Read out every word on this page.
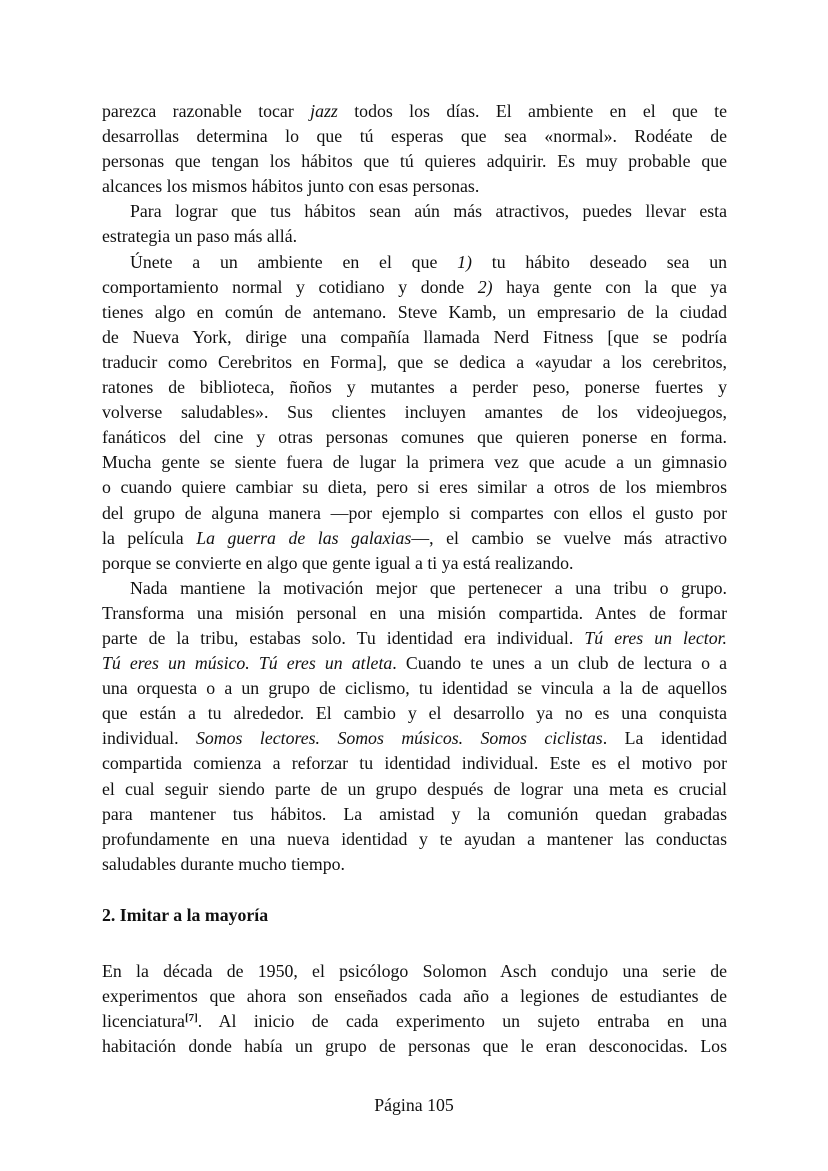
parezca razonable tocar jazz todos los días. El ambiente en el que te
desarrollas determina lo que tú esperas que sea «normal». Rodéate de
personas que tengan los hábitos que tú quieres adquirir. Es muy probable que
alcances los mismos hábitos junto con esas personas.
Para lograr que tus hábitos sean aún más atractivos, puedes llevar esta
estrategia un paso más allá.
Únete a un ambiente en el que 1) tu hábito deseado sea un
comportamiento normal y cotidiano y donde 2) haya gente con la que ya
tienes algo en común de antemano. Steve Kamb, un empresario de la ciudad
de Nueva York, dirige una compañía llamada Nerd Fitness [que se podría
traducir como Cerebritos en Forma], que se dedica a «ayudar a los cerebritos,
ratones de biblioteca, ñoños y mutantes a perder peso, ponerse fuertes y
volverse saludables». Sus clientes incluyen amantes de los videojuegos,
fanáticos del cine y otras personas comunes que quieren ponerse en forma.
Mucha gente se siente fuera de lugar la primera vez que acude a un gimnasio
o cuando quiere cambiar su dieta, pero si eres similar a otros de los miembros
del grupo de alguna manera —por ejemplo si compartes con ellos el gusto por
la película La guerra de las galaxias—, el cambio se vuelve más atractivo
porque se convierte en algo que gente igual a ti ya está realizando.
Nada mantiene la motivación mejor que pertenecer a una tribu o grupo.
Transforma una misión personal en una misión compartida. Antes de formar
parte de la tribu, estabas solo. Tu identidad era individual. Tú eres un lector.
Tú eres un músico. Tú eres un atleta. Cuando te unes a un club de lectura o a
una orquesta o a un grupo de ciclismo, tu identidad se vincula a la de aquellos
que están a tu alrededor. El cambio y el desarrollo ya no es una conquista
individual. Somos lectores. Somos músicos. Somos ciclistas. La identidad
compartida comienza a reforzar tu identidad individual. Este es el motivo por
el cual seguir siendo parte de un grupo después de lograr una meta es crucial
para mantener tus hábitos. La amistad y la comunión quedan grabadas
profundamente en una nueva identidad y te ayudan a mantener las conductas
saludables durante mucho tiempo.
2. Imitar a la mayoría
En la década de 1950, el psicólogo Solomon Asch condujo una serie de
experimentos que ahora son enseñados cada año a legiones de estudiantes de
licenciatura[7]. Al inicio de cada experimento un sujeto entraba en una
habitación donde había un grupo de personas que le eran desconocidas. Los
Página 105
